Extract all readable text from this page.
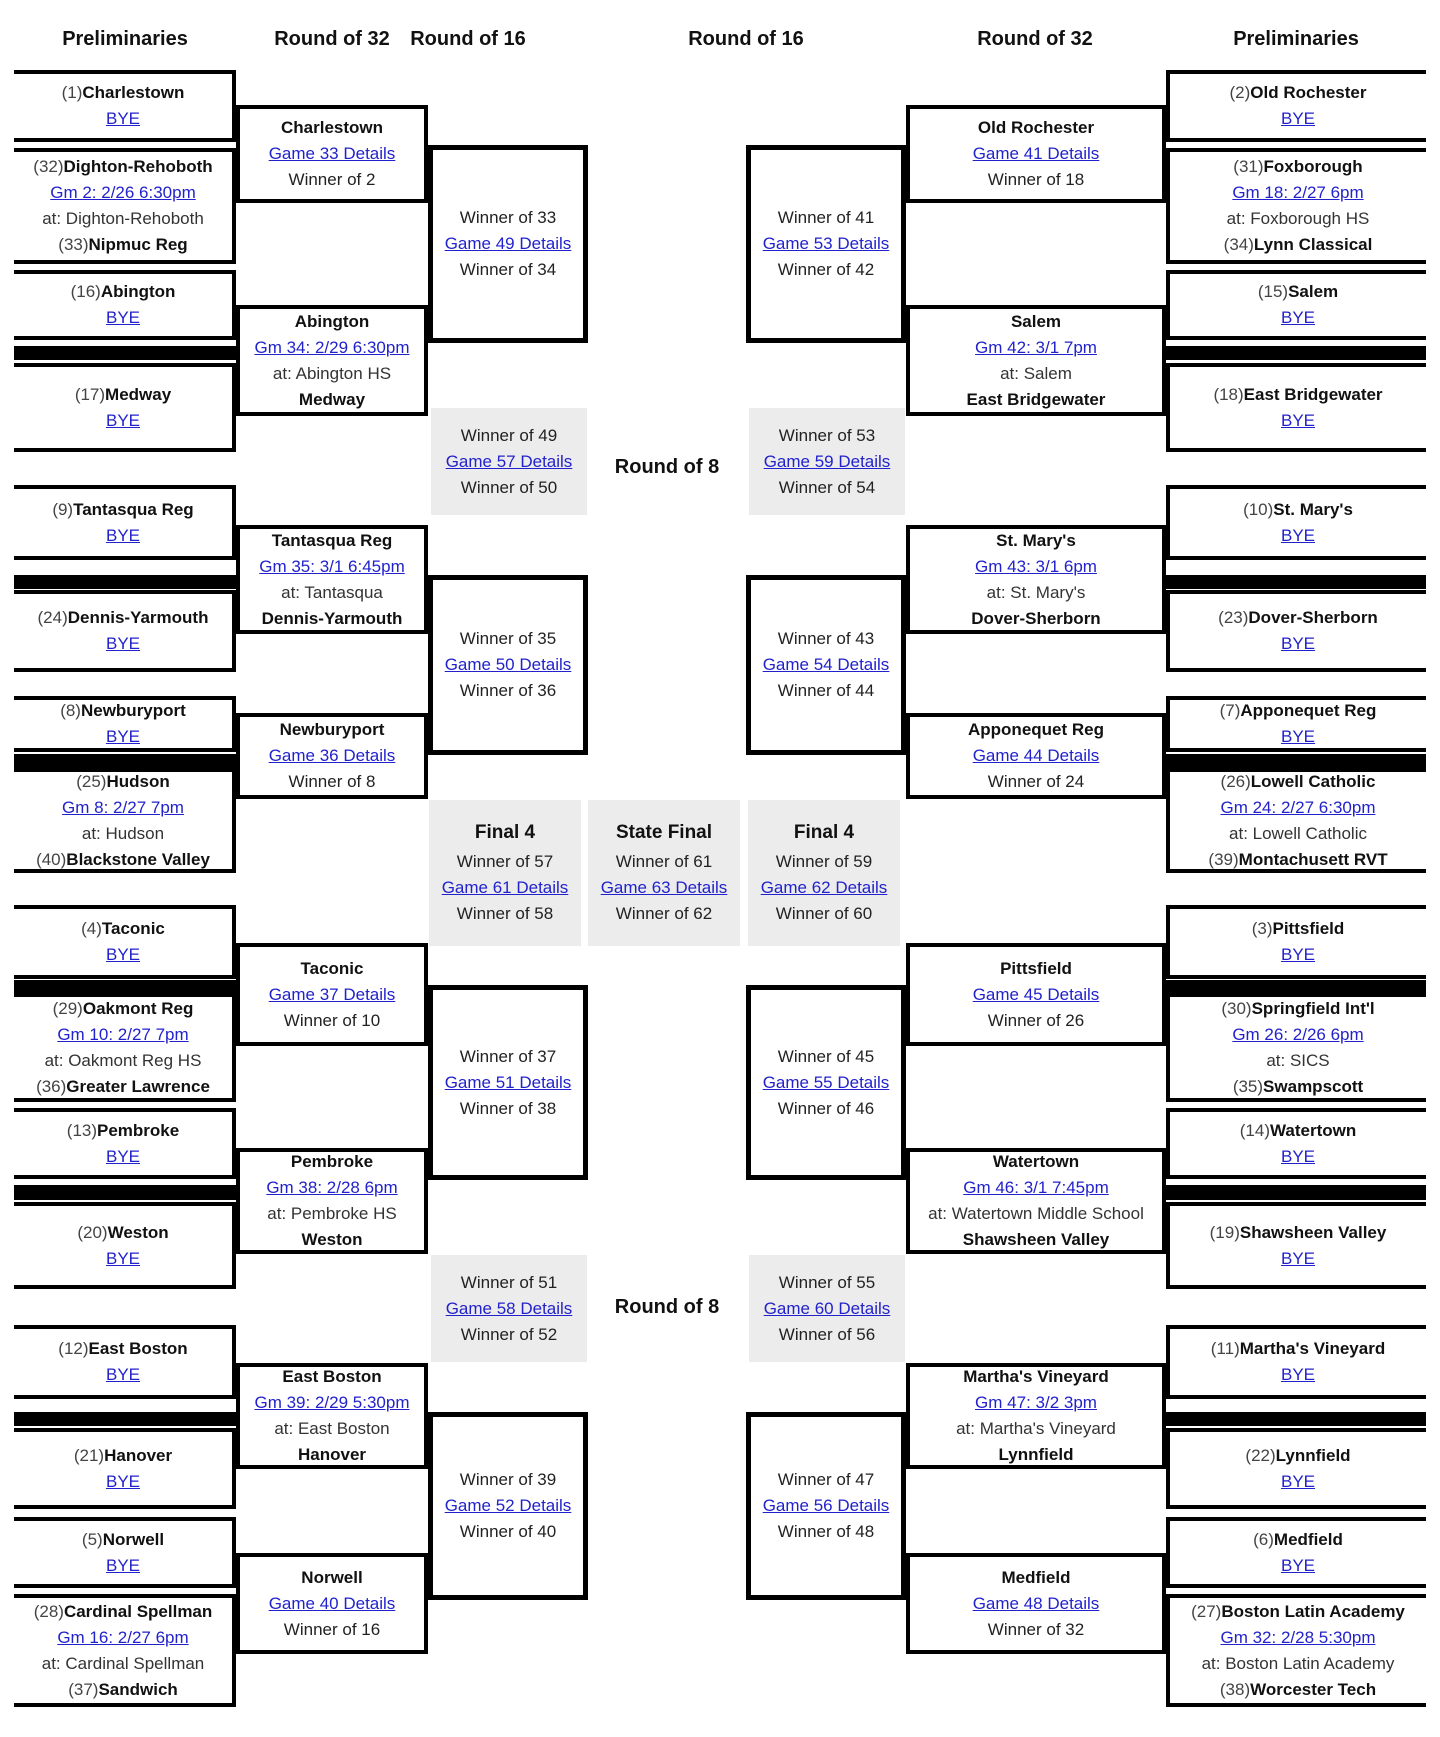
Preliminaries	Round of 32	Round of 16	Round of 16	Round of 32	Preliminaries
Round of 8
Round of 8
(1)Charlestown
BYE
(32)Dighton-Rehoboth
Gm 2: 2/26 6:30pm
at: Dighton-Rehoboth
(33)Nipmuc Reg
(16)Abington
BYE
(17)Medway
BYE
(9)Tantasqua Reg
BYE
(24)Dennis-Yarmouth
BYE
(8)Newburyport
BYE
(25)Hudson
Gm 8: 2/27 7pm
at: Hudson
(40)Blackstone Valley
(4)Taconic
BYE
(29)Oakmont Reg
Gm 10: 2/27 7pm
at: Oakmont Reg HS
(36)Greater Lawrence
(13)Pembroke
BYE
(20)Weston
BYE
(12)East Boston
BYE
(21)Hanover
BYE
(5)Norwell
BYE
(28)Cardinal Spellman
Gm 16: 2/27 6pm
at: Cardinal Spellman
(37)Sandwich
Charlestown
Game 33 Details
Winner of 2
Abington
Gm 34: 2/29 6:30pm
at: Abington HS
Medway
Tantasqua Reg
Gm 35: 3/1 6:45pm
at: Tantasqua
Dennis-Yarmouth
Newburyport
Game 36 Details
Winner of 8
Taconic
Game 37 Details
Winner of 10
Pembroke
Gm 38: 2/28 6pm
at: Pembroke HS
Weston
East Boston
Gm 39: 2/29 5:30pm
at: East Boston
Hanover
Norwell
Game 40 Details
Winner of 16
Winner of 33
Game 49 Details
Winner of 34
Winner of 35
Game 50 Details
Winner of 36
Winner of 37
Game 51 Details
Winner of 38
Winner of 39
Game 52 Details
Winner of 40
Winner of 49
Game 57 Details
Winner of 50
Winner of 51
Game 58 Details
Winner of 52
Final 4
Winner of 57
Game 61 Details
Winner of 58
State Final
Winner of 61
Game 63 Details
Winner of 62
Final 4
Winner of 59
Game 62 Details
Winner of 60
Winner of 53
Game 59 Details
Winner of 54
Winner of 55
Game 60 Details
Winner of 56
Winner of 41
Game 53 Details
Winner of 42
Winner of 43
Game 54 Details
Winner of 44
Winner of 45
Game 55 Details
Winner of 46
Winner of 47
Game 56 Details
Winner of 48
Old Rochester
Game 41 Details
Winner of 18
Salem
Gm 42: 3/1 7pm
at: Salem
East Bridgewater
St. Mary's
Gm 43: 3/1 6pm
at: St. Mary's
Dover-Sherborn
Apponequet Reg
Game 44 Details
Winner of 24
Pittsfield
Game 45 Details
Winner of 26
Watertown
Gm 46: 3/1 7:45pm
at: Watertown Middle School
Shawsheen Valley
Martha's Vineyard
Gm 47: 3/2 3pm
at: Martha's Vineyard
Lynnfield
Medfield
Game 48 Details
Winner of 32
(2)Old Rochester
BYE
(31)Foxborough
Gm 18: 2/27 6pm
at: Foxborough HS
(34)Lynn Classical
(15)Salem
BYE
(18)East Bridgewater
BYE
(10)St. Mary's
BYE
(23)Dover-Sherborn
BYE
(7)Apponequet Reg
BYE
(26)Lowell Catholic
Gm 24: 2/27 6:30pm
at: Lowell Catholic
(39)Montachusett RVT
(3)Pittsfield
BYE
(30)Springfield Int'l
Gm 26: 2/26 6pm
at: SICS
(35)Swampscott
(14)Watertown
BYE
(19)Shawsheen Valley
BYE
(11)Martha's Vineyard
BYE
(22)Lynnfield
BYE
(6)Medfield
BYE
(27)Boston Latin Academy
Gm 32: 2/28 5:30pm
at: Boston Latin Academy
(38)Worcester Tech
